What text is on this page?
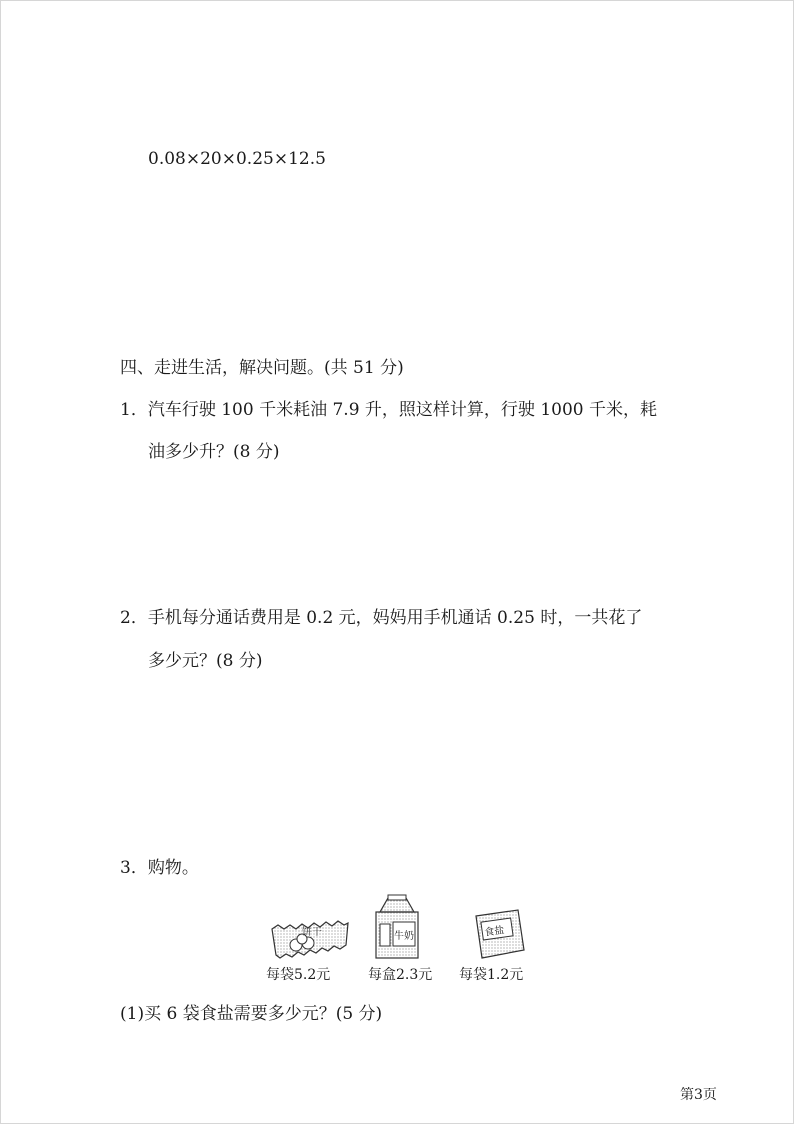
0.08×20×0.25×12.5
四、走进生活，解决问题。(共 51 分)
1．汽车行驶 100 千米耗油 7.9 升，照这样计算，行驶 1000 千米，耗
油多少升？(8 分)
2．手机每分通话费用是 0.2 元，妈妈用手机通话 0.25 时，一共花了
多少元？(8 分)
3．购物。
饼干	牛奶	食盐
每袋5.2元	每盒2.3元 每袋1.2元
(1)买 6 袋食盐需要多少元？(5 分)
第3页
